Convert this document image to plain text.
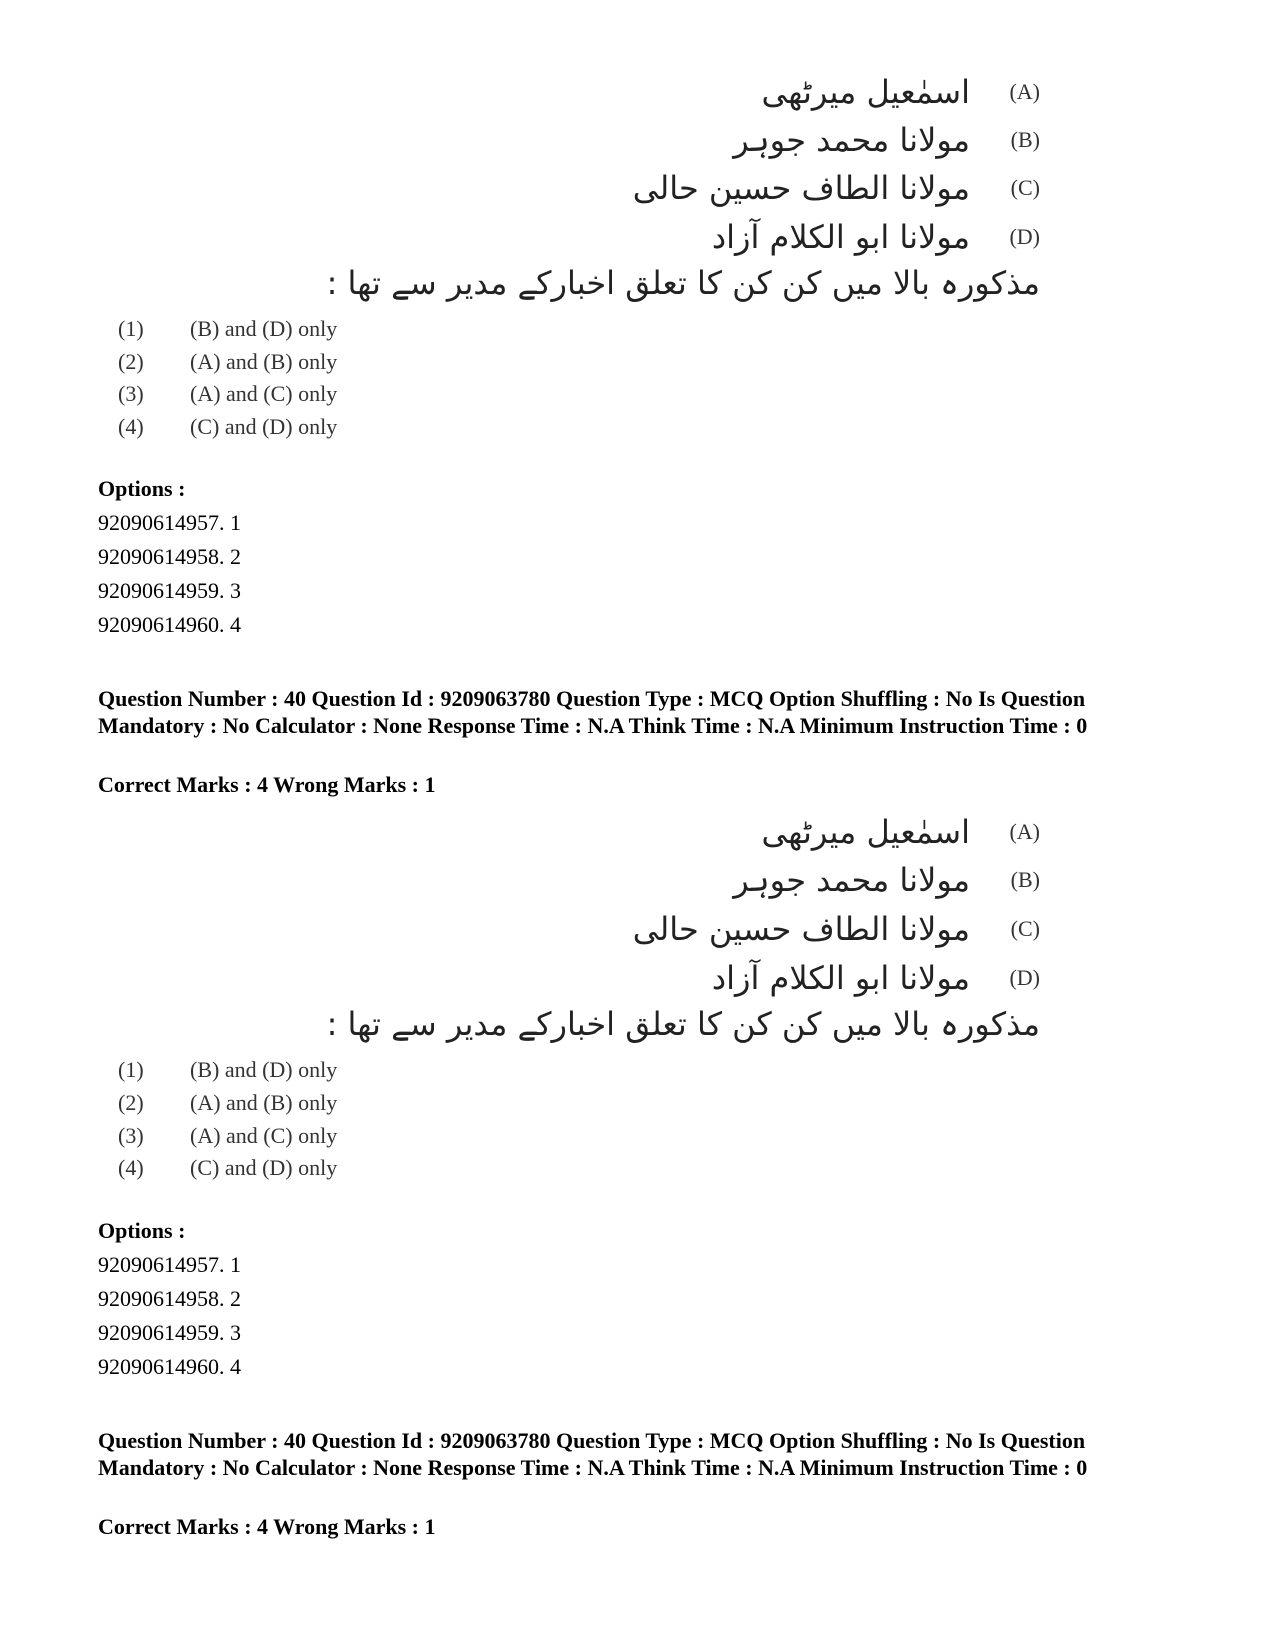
اسمٰعیل میرٹھی	(A)
مولانا محمد جوہر	(B)
مولانا الطاف حسین حالی	(C)
مولانا ابو الکلام آزاد	(D)
مذکورہ بالا میں کن کن کا تعلق اخبارکے مدیر سے تھا :
(1)	(B) and (D) only
(2)	(A) and (B) only
(3)	(A) and (C) only
(4)	(C) and (D) only
Options :
92090614957. 1
92090614958. 2
92090614959. 3
92090614960. 4
Question Number : 40 Question Id : 9209063780 Question Type : MCQ Option Shuffling : No Is Question Mandatory : No Calculator : None Response Time : N.A Think Time : N.A Minimum Instruction Time : 0
Correct Marks : 4 Wrong Marks : 1
اسمٰعیل میرٹھی	(A)
مولانا محمد جوہر	(B)
مولانا الطاف حسین حالی	(C)
مولانا ابو الکلام آزاد	(D)
مذکورہ بالا میں کن کن کا تعلق اخبارکے مدیر سے تھا :
(1)	(B) and (D) only
(2)	(A) and (B) only
(3)	(A) and (C) only
(4)	(C) and (D) only
Options :
92090614957. 1
92090614958. 2
92090614959. 3
92090614960. 4
Question Number : 40 Question Id : 9209063780 Question Type : MCQ Option Shuffling : No Is Question Mandatory : No Calculator : None Response Time : N.A Think Time : N.A Minimum Instruction Time : 0
Correct Marks : 4 Wrong Marks : 1
